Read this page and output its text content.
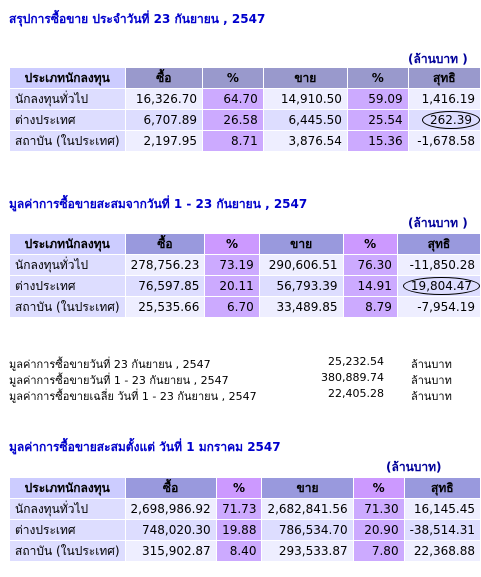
สรุปการซื้อขาย ประจำวันที่ 23 กันยายน , 2547
(ล้านบาท )
ประเภทนักลงทุน	ซื้อ	%	ขาย	%	สุทธิ
นักลงทุนทั่วไป	16,326.70	64.70	14,910.50	59.09	1,416.19
ต่างประเทศ	6,707.89	26.58	6,445.50	25.54	262.39
สถาบัน (ในประเทศ)	2,197.95	8.71	3,876.54	15.36	-1,678.58
มูลค่าการซื้อขายสะสมจากวันที่ 1 - 23 กันยายน , 2547
(ล้านบาท )
ประเภทนักลงทุน	ซื้อ	%	ขาย	%	สุทธิ
นักลงทุนทั่วไป	278,756.23	73.19	290,606.51	76.30	-11,850.28
ต่างประเทศ	76,597.85	20.11	56,793.39	14.91	19,804.47
สถาบัน (ในประเทศ)	25,535.66	6.70	33,489.85	8.79	-7,954.19
มูลค่าการซื้อขายวันที่ 23 กันยายน , 2547	25,232.54 ล้านบาท
มูลค่าการซื้อขายวันที่ 1 - 23 กันยายน , 2547	380,889.74 ล้านบาท
มูลค่าการซื้อขายเฉลี่ย วันที่ 1 - 23 กันยายน , 2547	22,405.28 ล้านบาท
มูลค่าการซื้อขายสะสมตั้งแต่ วันที่ 1 มกราคม 2547
(ล้านบาท)
ประเภทนักลงทุน	ซื้อ	%	ขาย	%	สุทธิ
นักลงทุนทั่วไป	2,698,986.92	71.73	2,682,841.56	71.30	16,145.45
ต่างประเทศ	748,020.30	19.88	786,534.70	20.90	-38,514.31
สถาบัน (ในประเทศ)	315,902.87	8.40	293,533.87	7.80	22,368.88
